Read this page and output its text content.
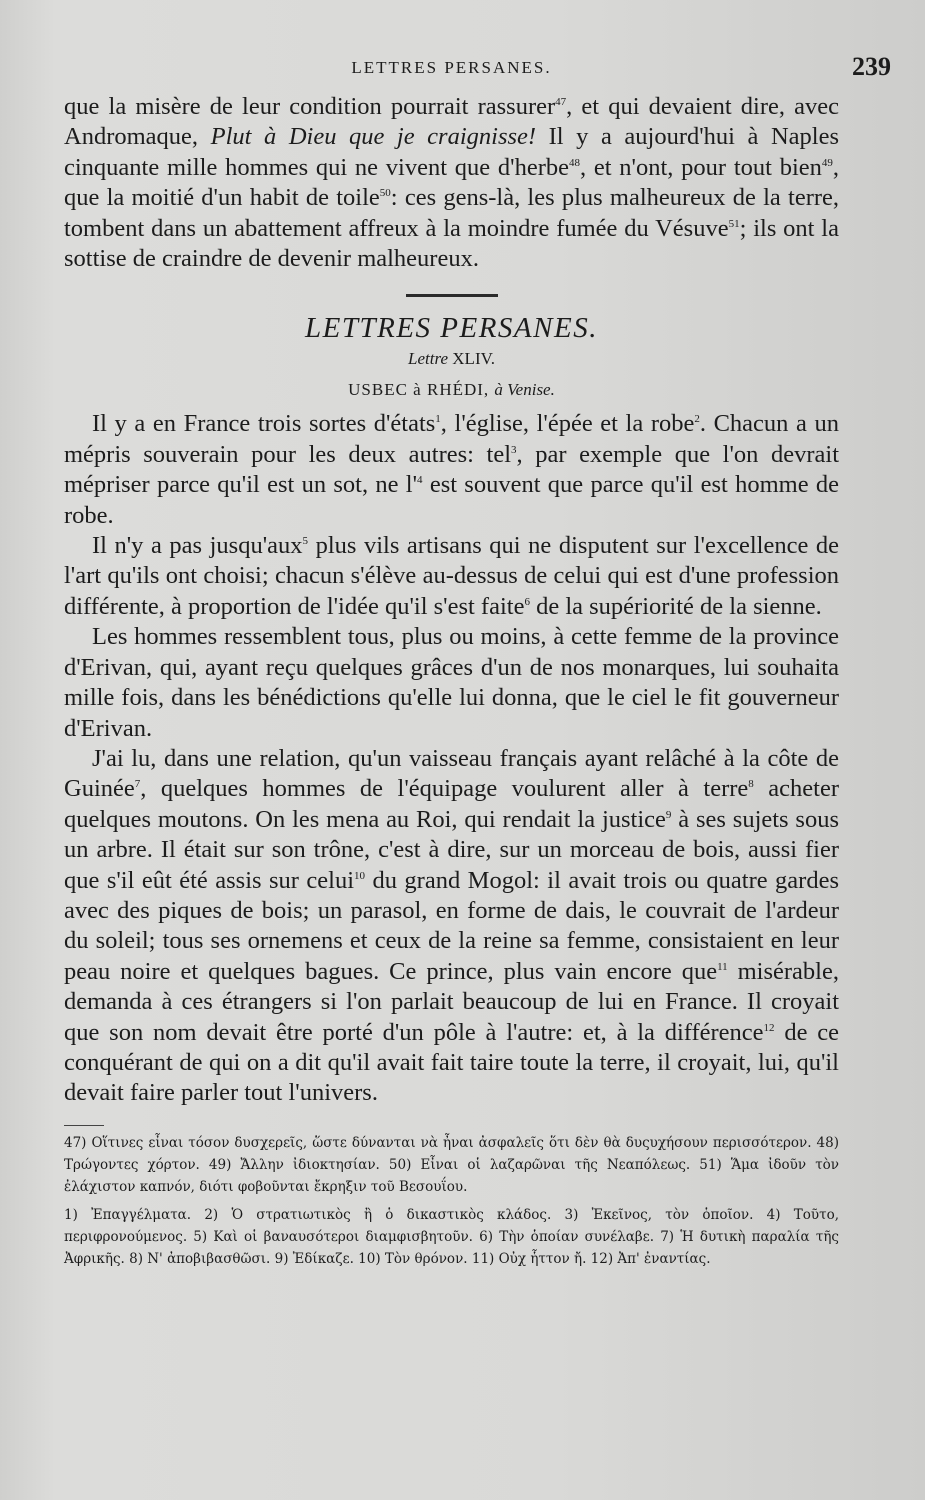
LETTRES PERSANES.	239

que la misère de leur condition pourrait rassurer$^{47}$, et qui devaient dire, avec Andromaque, Plut à Dieu que je craignisse! Il y a aujourd'hui à Naples cinquante mille hommes qui ne vivent que d'herbe$^{48}$, et n'ont, pour tout bien$^{49}$, que la moitié d'un habit de toile$^{50}$: ces gens-là, les plus malheureux de la terre, tombent dans un abattement affreux à la moindre fumée du Vésuve$^{51}$; ils ont la sottise de craindre de devenir malheureux.

LETTRES PERSANES.
Lettre XLIV.
USBEC à RHÉDI, à Venise.

Il y a en France trois sortes d'états$^1$, l'église, l'épée et la robe$^2$. Chacun a un mépris souverain pour les deux autres: tel$^3$, par exemple que l'on devrait mépriser parce qu'il est un sot, ne $l'^4$ est souvent que parce qu'il est homme de robe.

Il n'y a pas jusqu'aux$^5$ plus vils artisans qui ne disputent sur l'excellence de l'art qu'ils ont choisi; chacun s'élève au-dessus de celui qui est d'une profession différente, à proportion de l'idée qu'il s'est faite$^6$ de la supériorité de la sienne.

Les hommes ressemblent tous, plus ou moins, à cette femme de la province d'Erivan, qui, ayant reçu quelques grâces d'un de nos monarques, lui souhaita mille fois, dans les bénédictions qu'elle lui donna, que le ciel le fit gouverneur d'Erivan.

J'ai lu, dans une relation, qu'un vaisseau français ayant relâché à la côte de Guinée$^7$, quelques hommes de l'équipage voulurent aller à terre$^8$ acheter quelques moutons. On les mena au Roi, qui rendait la justice$^9$ à ses sujets sous un arbre. Il était sur son trône, c'est à dire, sur un morceau de bois, aussi fier que s'il eût été assis sur celui$^{10}$ du grand Mogol: il avait trois ou quatre gardes avec des piques de bois; un parasol, en forme de dais, le couvrait de l'ardeur du soleil; tous ses ornemens et ceux de la reine sa femme, consistaient en leur peau noire et quelques bagues. Ce prince, plus vain encore que$^{11}$ misérable, demanda à ces étrangers si l'on parlait beaucoup de lui en France. Il croyait que son nom devait être porté d'un pôle à l'autre: et, à la différence$^{12}$ de ce conquérant de qui on a dit qu'il avait fait taire toute la terre, il croyait, lui, qu'il devait faire parler tout l'univers.

47) Οἵτινες εἶναι τόσον δυσχερεῖς, ὥστε δύνανται νὰ ἦναι ἀσφαλεῖς ὅτι δὲν θὰ δυςυχήσουν περισσότερον. 48) Τρώγοντες χόρτον. 49) Ἄλλην ἰδιοκτησίαν. 50) Εἶναι οἱ λαζαρῶναι τῆς Νεαπόλεως. 51) Ἅμα ἰδοῦν τὸν ἐλάχιστον καπνόν, διότι φοβοῦνται ἔκρηξιν τοῦ Βεσουΐου.

1) Ἐπαγγέλματα. 2) Ὁ στρατιωτικὸς ἢ ὁ δικαστικὸς κλάδος. 3) Ἐκεῖνος, τὸν ὁποῖον. 4) Τοῦτο, περιφρονούμενος. 5) Καὶ οἱ βαναυσότεροι διαμφισβητοῦν. 6) Τὴν ὁποίαν συνέλαβε. 7) Ἡ δυτικὴ παραλία τῆς Ἀφρικῆς. 8) Ν' ἀποβιβασθῶσι. 9) Ἐδίκαζε. 10) Τὸν θρόνον. 11) Οὐχ ἧττον ἤ. 12) Ἀπ' ἐναντίας.
